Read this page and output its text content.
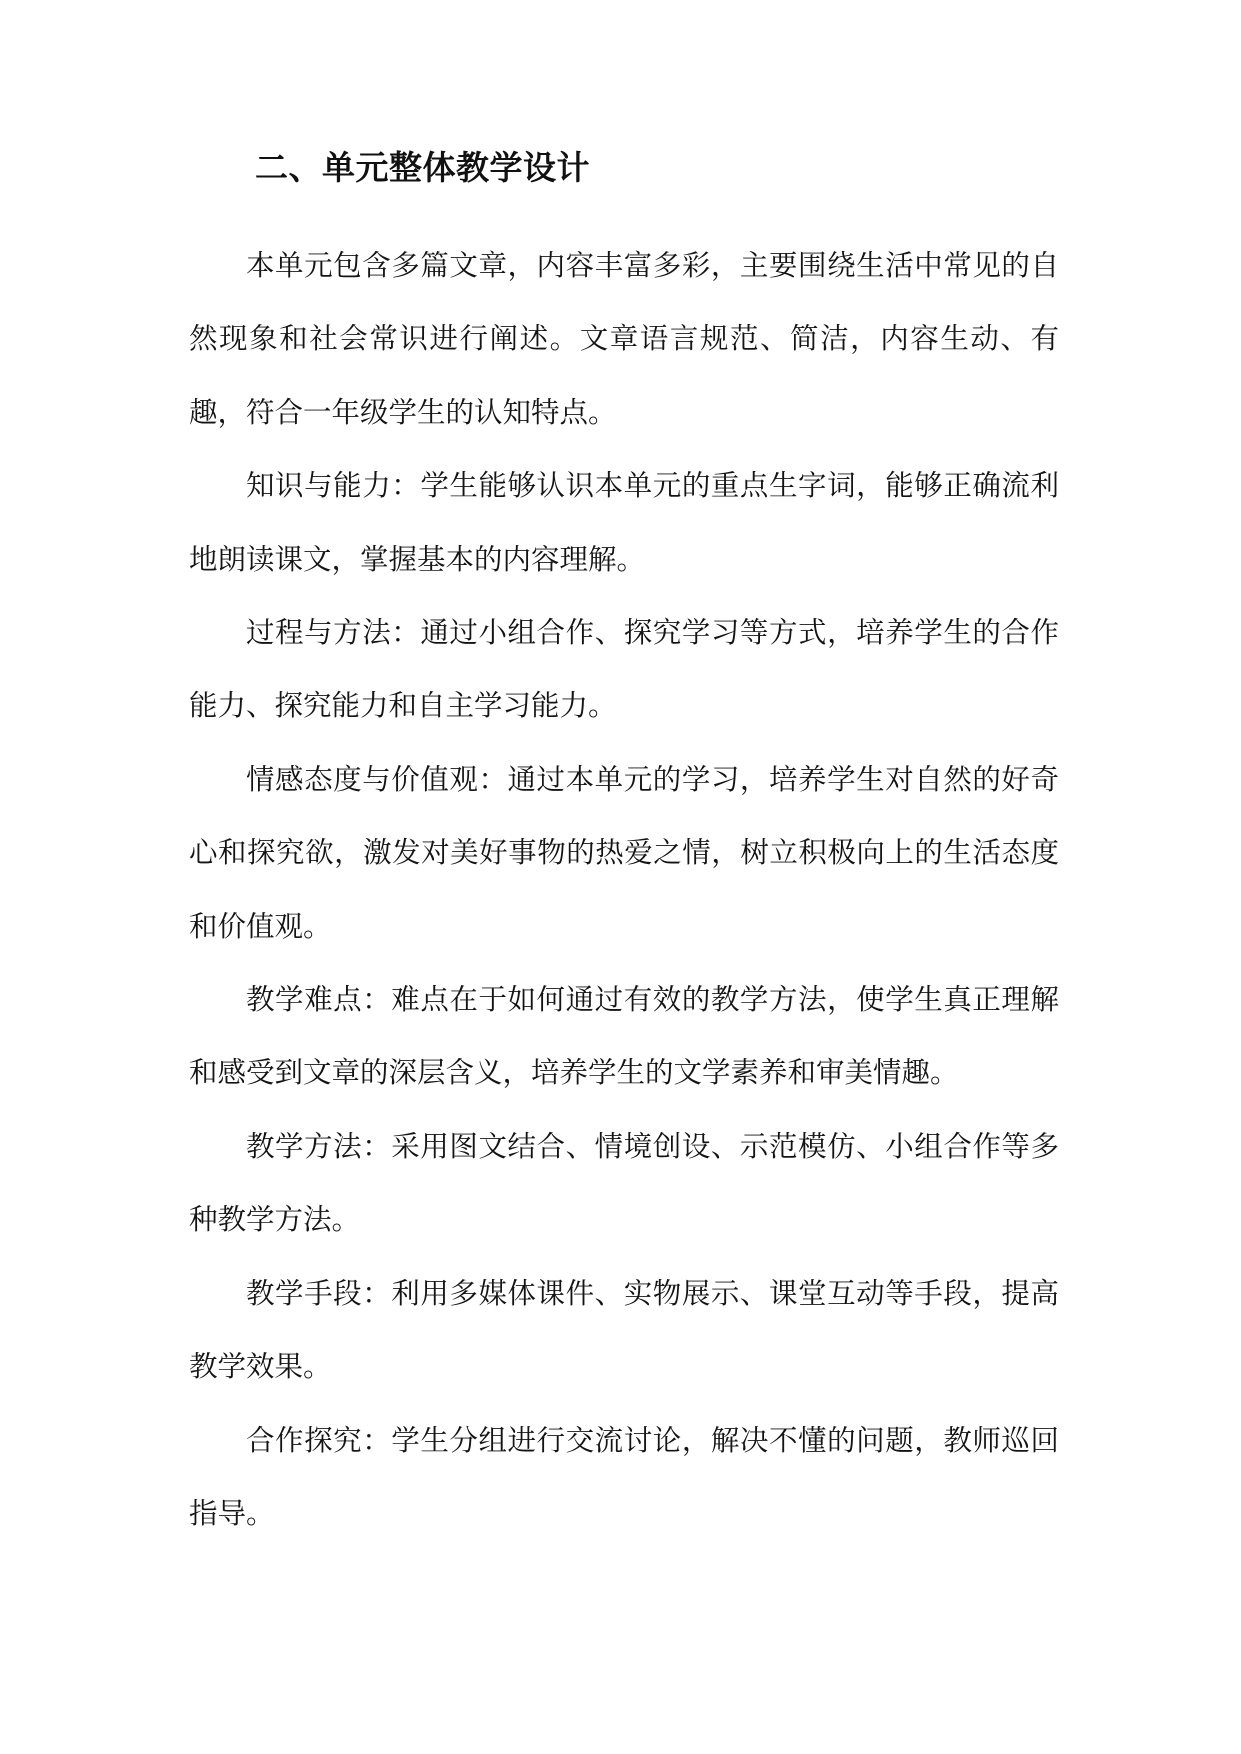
二、单元整体教学设计

本单元包含多篇文章，内容丰富多彩，主要围绕生活中常见的自然现象和社会常识进行阐述。文章语言规范、简洁，内容生动、有趣，符合一年级学生的认知特点。

知识与能力：学生能够认识本单元的重点生字词，能够正确流利地朗读课文，掌握基本的内容理解。

过程与方法：通过小组合作、探究学习等方式，培养学生的合作能力、探究能力和自主学习能力。

情感态度与价值观：通过本单元的学习，培养学生对自然的好奇心和探究欲，激发对美好事物的热爱之情，树立积极向上的生活态度和价值观。

教学难点：难点在于如何通过有效的教学方法，使学生真正理解和感受到文章的深层含义，培养学生的文学素养和审美情趣。

教学方法：采用图文结合、情境创设、示范模仿、小组合作等多种教学方法。

教学手段：利用多媒体课件、实物展示、课堂互动等手段，提高教学效果。

合作探究：学生分组进行交流讨论，解决不懂的问题，教师巡回指导。
